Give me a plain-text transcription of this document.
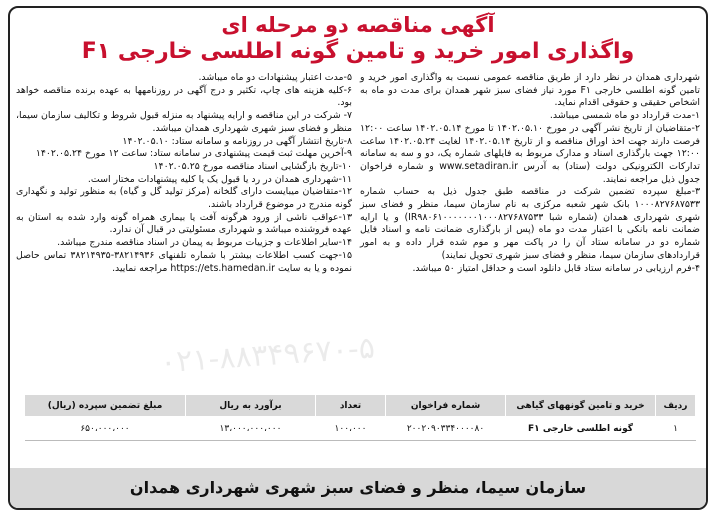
آگهی مناقصه دو مرحله ای
واگذاری امور خرید و تامین گونه اطلسی خارجی F۱

شهرداری همدان در نظر دارد از طریق مناقصه عمومی نسبت به واگذاری امور خرید و تامین گونه اطلسی خارجی F۱ مورد نیاز فضای سبز شهر همدان برای مدت دو ماه به اشخاص حقیقی و حقوقی اقدام نماید.

۱-مدت قرارداد دو ماه شمسی میباشد.

۲-متقاضیان از تاریخ نشر آگهی در مورخ ۱۴۰۲.۰۵.۱۰ تا مورخ ۱۴۰۲.۰۵.۱۴ ساعت ۱۲:۰۰ فرصت دارند جهت اخذ اوراق مناقصه و از تاریخ ۱۴۰۲.۰۵.۱۴ لغایت ۱۴۰۲.۰۵.۲۴ ساعت ۱۲:۰۰ جهت بارگذاری اسناد و مدارک مربوط به فایلهای شماره یک، دو و سه به سامانه تدارکات الکترونیکی دولت (ستاد) به آدرس www.setadiran.ir و شماره فراخوان جدول ذیل مراجعه نمایند.

۳-مبلغ سپرده تضمین شرکت در مناقصه طبق جدول ذیل به حساب شماره ۱۰۰۰۸۲۷۶۸۷۵۳۳ بانک شهر شعبه مرکزی به نام سازمان سیما، منظر و فضای سبز شهری شهرداری همدان (شماره شبا IR۹۸۰۶۱۰۰۰۰۰۰۰۱۰۰۰۸۲۷۶۸۷۵۳۳) و یا ارایه ضمانت نامه بانکی با اعتبار مدت دو ماه (پس از بارگذاری ضمانت نامه و اسناد فایل شماره دو در سامانه ستاد آن را در پاکت مهر و موم شده قرار داده و به امور قراردادهای سازمان سیما، منظر و فضای سبز شهری تحویل نمایند)

۴-فرم ارزیابی در سامانه ستاد قابل دانلود است و حداقل امتیاز ۵۰ میباشد.

۵-مدت اعتبار پیشنهادات دو ماه میباشد.

۶-کلیه هزینه های چاپ، تکثیر و درج آگهی در روزنامهها به عهده برنده مناقصه خواهد بود.

۷- شرکت در این مناقصه و ارایه پیشنهاد به منزله قبول شروط و تکالیف سازمان سیما، منظر و فضای سبز شهری شهرداری همدان میباشد.

۸-تاریخ انتشار آگهی در روزنامه و سامانه ستاد: ۱۴۰۲.۰۵.۱۰

۹-آخرین مهلت ثبت قیمت پیشنهادی در سامانه ستاد: ساعت ۱۲ مورخ ۱۴۰۲.۰۵.۲۴

۱۰-تاریخ بازگشایی اسناد مناقصه مورخ ۱۴۰۲.۰۵.۲۵

۱۱-شهرداری همدان در رد یا قبول یک یا کلیه پیشنهادات مختار است.

۱۲-متقاضیان میبایست دارای گلخانه (مرکز تولید گل و گیاه) به منظور تولید و نگهداری گونه مندرج در موضوع قرارداد باشند.

۱۳-عواقب ناشی از ورود هرگونه آفت یا بیماری همراه گونه وارد شده به استان به عهده فروشنده میباشد و شهرداری مسئولیتی در قبال آن ندارد.

۱۴-سایر اطلاعات و جزییات مربوط به پیمان در اسناد مناقصه مندرج میباشد.

۱۵-جهت کسب اطلاعات بیشتر با شماره تلفنهای ۳۸۲۱۴۹۳۶-۳۸۲۱۴۹۳۵ تماس حاصل نموده و یا به سایت https://ets.hamedan.ir مراجعه نمایید.

۰۲۱-۸۸۳۴۹۶۷۰-۵
ردیف	خرید و تامین گونههای گیاهی	شماره فراخوان	تعداد	برآورد به ریال	مبلغ تضمین سپرده (ریال)
۱	گونه اطلسی خارجی F۱	۲۰۰۲۰۹۰۳۳۴۰۰۰۰۸۰	۱۰۰،۰۰۰	۱۳،۰۰۰،۰۰۰،۰۰۰	۶۵۰،۰۰۰،۰۰۰
سازمان سیما، منظر و فضای سبز شهری شهرداری همدان
